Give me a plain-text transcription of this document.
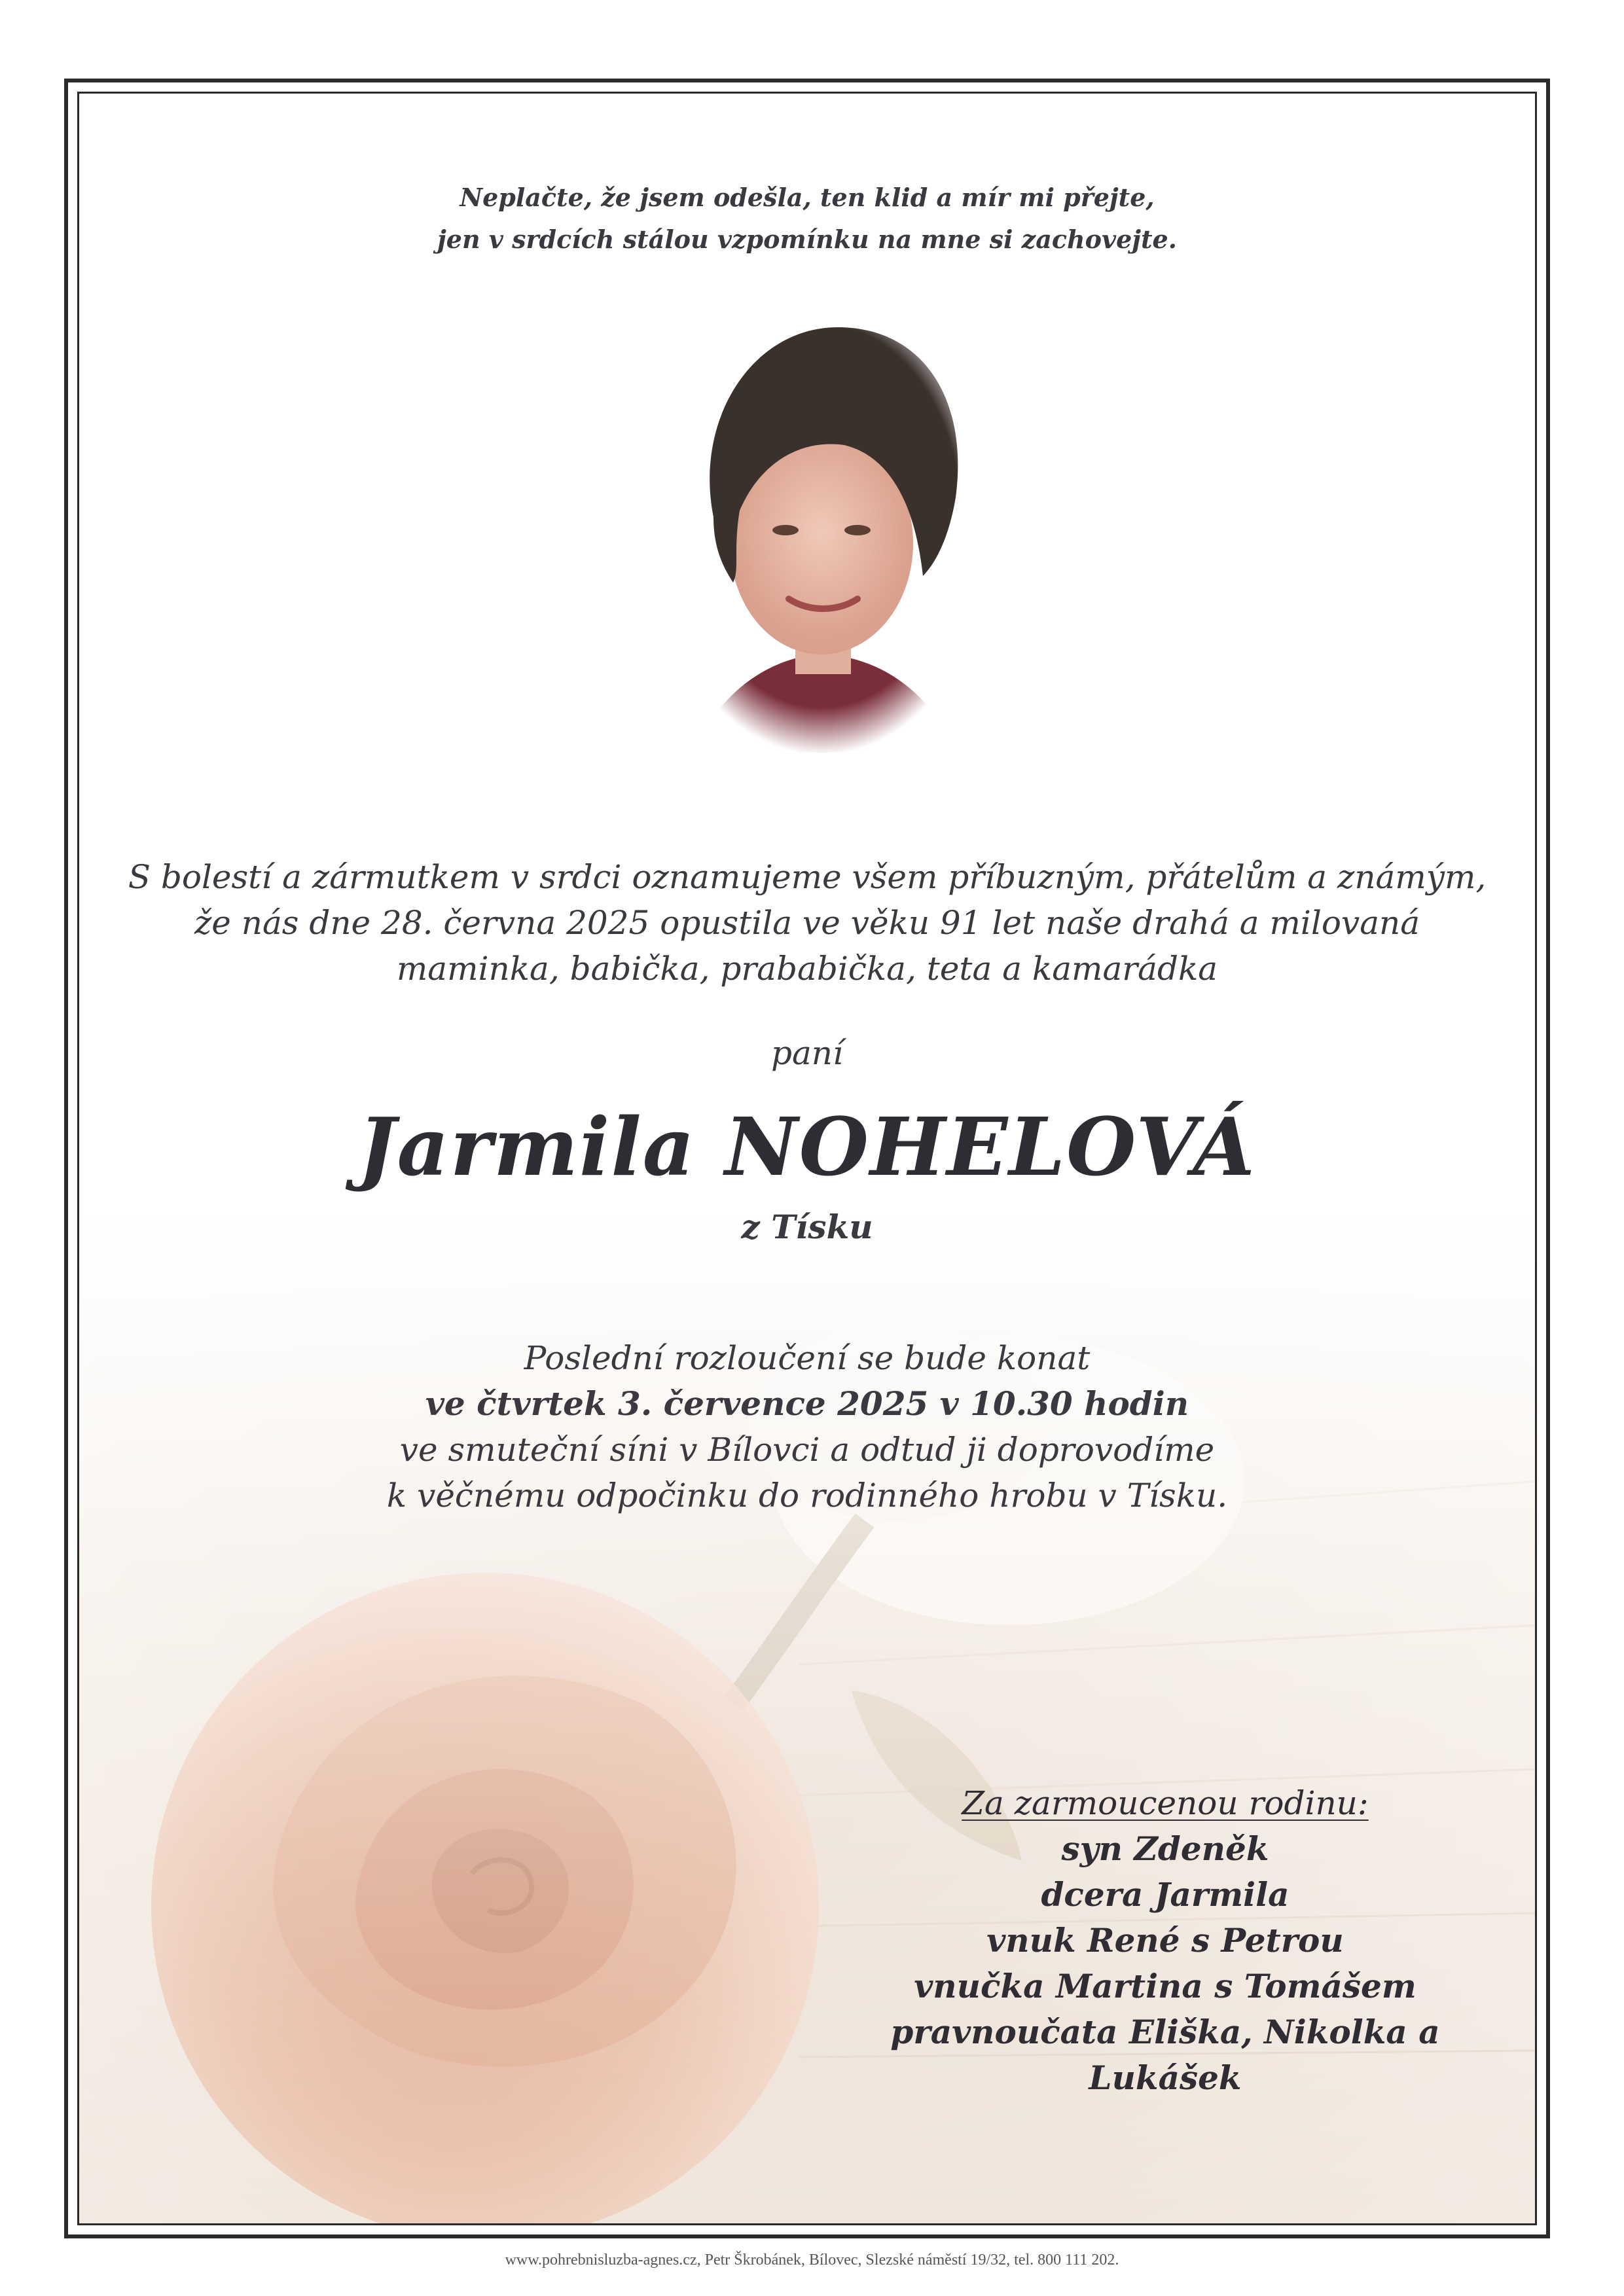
Neplačte, že jsem odešla, ten klid a mír mi přejte,
jen v srdcích stálou vzpomínku na mne si zachovejte.
S bolestí a zármutkem v srdci oznamujeme všem příbuzným, přátelům a známým,
že nás dne 28. června 2025 opustila ve věku 91 let naše drahá a milovaná
maminka, babička, prababička, teta a kamarádka
paní
Jarmila NOHELOVÁ
z Tísku
Poslední rozloučení se bude konat
ve čtvrtek 3. července 2025 v 10.30 hodin
ve smuteční síni v Bílovci a odtud ji doprovodíme
k věčnému odpočinku do rodinného hrobu v Tísku.
Za zarmoucenou rodinu:
syn Zdeněk
dcera Jarmila
vnuk René s Petrou
vnučka Martina s Tomášem
pravnoučata Eliška, Nikolka a Lukášek
www.pohrebnisluzba-agnes.cz, Petr Škrobánek, Bílovec, Slezské náměstí 19/32, tel. 800 111 202.
